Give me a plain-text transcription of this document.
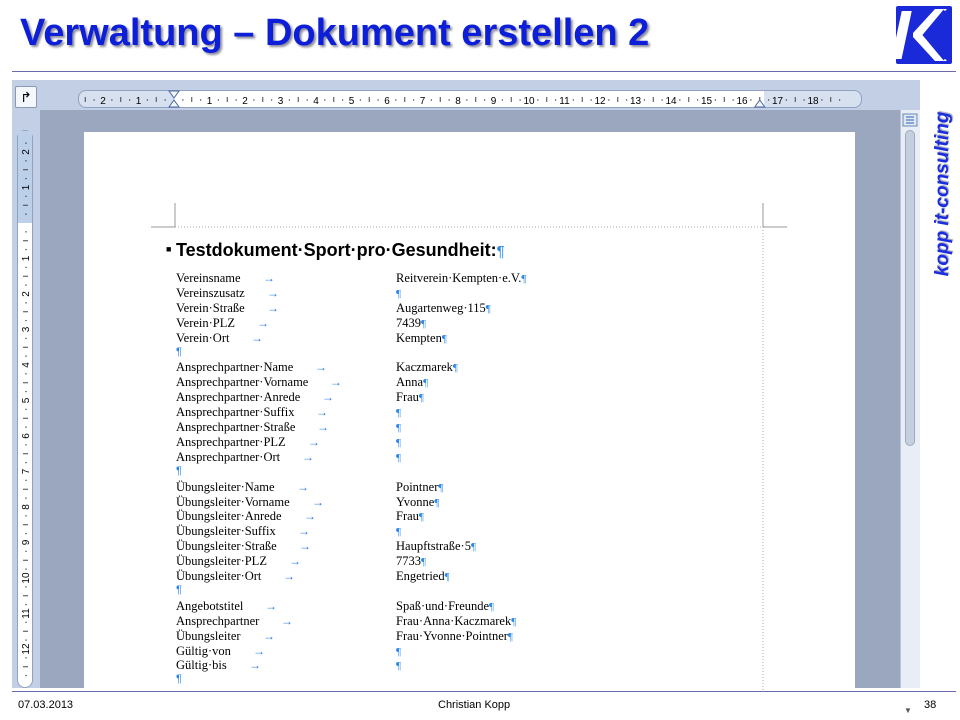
Verwaltung – Dokument erstellen 2
kopp it-consulting
↱	2	1	1	2	3	4	5	6	7	8	9	10 11 12 13 14 15 16 17 18
2
1
1
2
3
4
5
6
7
8
9
10
11
12
▼
■ Testdokument·Sport·pro·Gesundheit:¶
Vereinsname →	Reitverein·Kempten·e.V.¶
Vereinszusatz →	¶
Verein·Straße →	Augartenweg·115¶
Verein·PLZ →	7439¶
Verein·Ort →	Kempten¶
¶
Ansprechpartner·Name →	Kaczmarek¶
Ansprechpartner·Vorname →	Anna¶
Ansprechpartner·Anrede →	Frau¶
Ansprechpartner·Suffix →	¶
Ansprechpartner·Straße →	¶
Ansprechpartner·PLZ →	¶
Ansprechpartner·Ort →	¶
¶
Übungsleiter·Name →	Pointner¶
Übungsleiter·Vorname →	Yvonne¶
Übungsleiter·Anrede →	Frau¶
Übungsleiter·Suffix →	¶
Übungsleiter·Straße →	Haupftstraße·5¶
Übungsleiter·PLZ →	7733¶
Übungsleiter·Ort →	Engetried¶
¶
Angebotstitel →	Spaß·und·Freunde¶
Ansprechpartner →	Frau·Anna·Kaczmarek¶
Übungsleiter →	Frau·Yvonne·Pointner¶
Gültig·von →	¶
Gültig·bis →	¶
¶
07.03.2013	Christian Kopp	38
